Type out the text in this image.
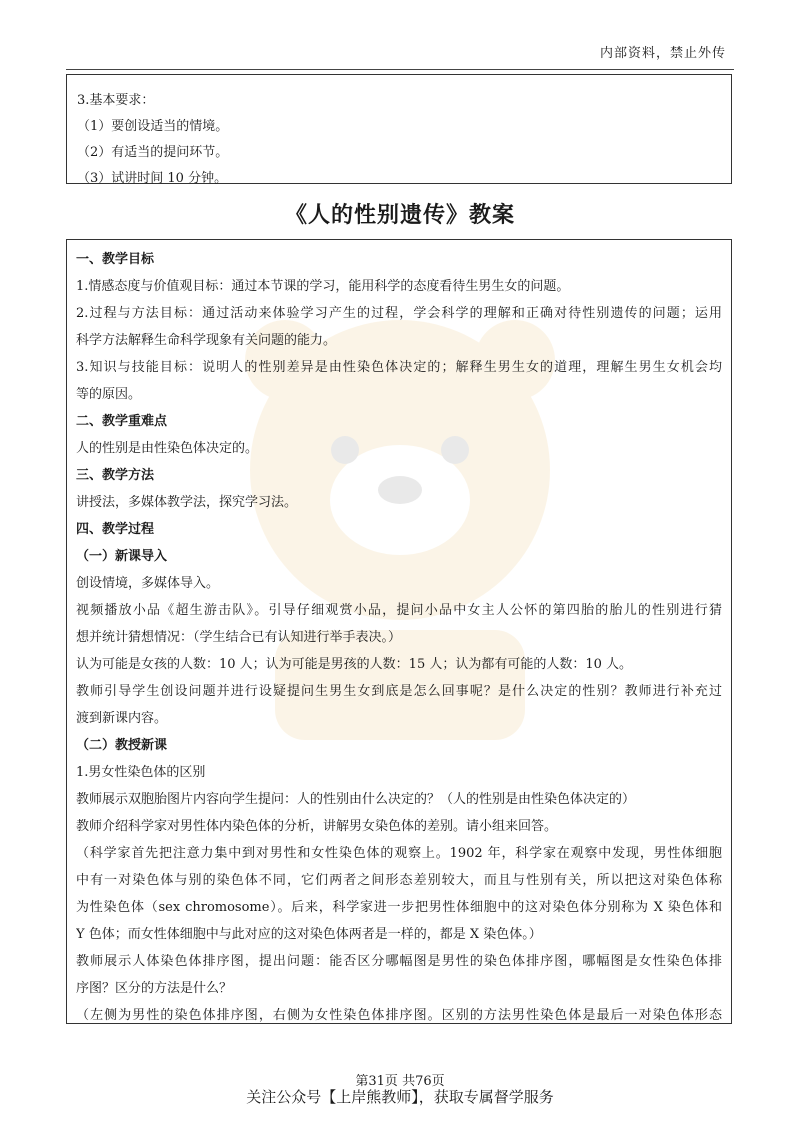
内部资料，禁止外传
3.基本要求：
（1）要创设适当的情境。
（2）有适当的提问环节。
（3）试讲时间 10 分钟。
《人的性别遗传》教案
一、教学目标
1.情感态度与价值观目标：通过本节课的学习，能用科学的态度看待生男生女的问题。
2.过程与方法目标：通过活动来体验学习产生的过程，学会科学的理解和正确对待性别遗传的问题；运用
科学方法解释生命科学现象有关问题的能力。
3.知识与技能目标：说明人的性别差异是由性染色体决定的；解释生男生女的道理，理解生男生女机会均
等的原因。
二、教学重难点
人的性别是由性染色体决定的。
三、教学方法
讲授法，多媒体教学法，探究学习法。
四、教学过程
（一）新课导入
创设情境，多媒体导入。
视频播放小品《超生游击队》。引导仔细观赏小品，提问小品中女主人公怀的第四胎的胎儿的性别进行猜
想并统计猜想情况：（学生结合已有认知进行举手表决。）
认为可能是女孩的人数：10 人；认为可能是男孩的人数：15 人；认为都有可能的人数：10 人。
教师引导学生创设问题并进行设疑提问生男生女到底是怎么回事呢？是什么决定的性别？教师进行补充过
渡到新课内容。
（二）教授新课
1.男女性染色体的区别
教师展示双胞胎图片内容向学生提问：人的性别由什么决定的？（人的性别是由性染色体决定的）
教师介绍科学家对男性体内染色体的分析，讲解男女染色体的差别。请小组来回答。
（科学家首先把注意力集中到对男性和女性染色体的观察上。1902 年，科学家在观察中发现，男性体细胞
中有一对染色体与别的染色体不同，它们两者之间形态差别较大，而且与性别有关，所以把这对染色体称
为性染色体（sex chromosome）。后来，科学家进一步把男性体细胞中的这对染色体分别称为 X 染色体和
Y 色体；而女性体细胞中与此对应的这对染色体两者是一样的，都是 X 染色体。）
教师展示人体染色体排序图，提出问题：能否区分哪幅图是男性的染色体排序图，哪幅图是女性染色体排
序图？区分的方法是什么？
（左侧为男性的染色体排序图，右侧为女性染色体排序图。区别的方法男性染色体是最后一对染色体形态
第31页 共76页
关注公众号【上岸熊教师】，获取专属督学服务
